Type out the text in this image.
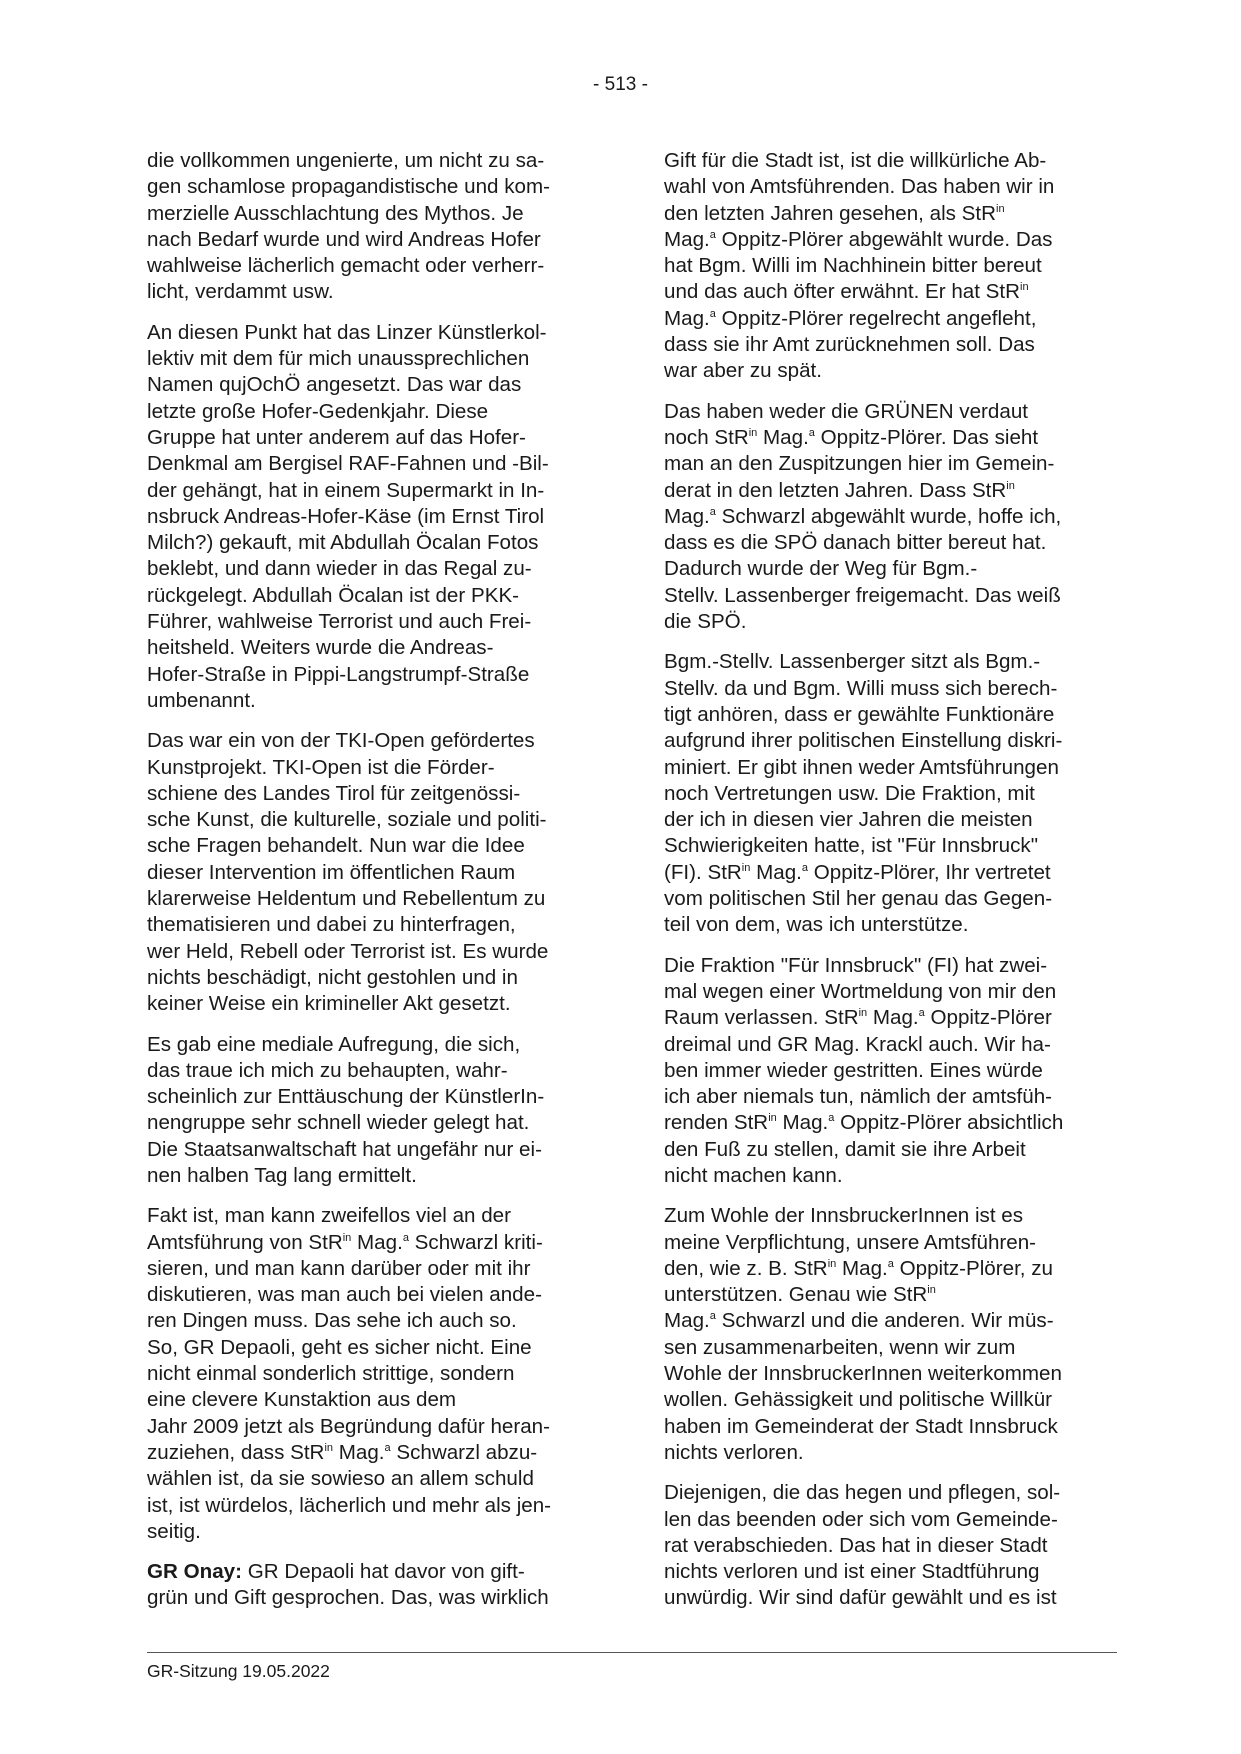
- 513 -

die vollkommen ungenierte, um nicht zu sa-
gen schamlose propagandistische und kom-
merzielle Ausschlachtung des Mythos. Je
nach Bedarf wurde und wird Andreas Hofer
wahlweise lächerlich gemacht oder verherr-
licht, verdammt usw.

An diesen Punkt hat das Linzer Künstlerkol-
lektiv mit dem für mich unaussprechlichen
Namen qujOchÖ angesetzt. Das war das
letzte große Hofer-Gedenkjahr. Diese
Gruppe hat unter anderem auf das Hofer-
Denkmal am Bergisel RAF-Fahnen und -Bil-
der gehängt, hat in einem Supermarkt in In-
nsbruck Andreas-Hofer-Käse (im Ernst Tirol
Milch?) gekauft, mit Abdullah Öcalan Fotos
beklebt, und dann wieder in das Regal zu-
rückgelegt. Abdullah Öcalan ist der PKK-
Führer, wahlweise Terrorist und auch Frei-
heitsheld. Weiters wurde die Andreas-
Hofer-Straße in Pippi-Langstrumpf-Straße
umbenannt.

Das war ein von der TKI-Open gefördertes
Kunstprojekt. TKI-Open ist die Förder-
schiene des Landes Tirol für zeitgenössi-
sche Kunst, die kulturelle, soziale und politi-
sche Fragen behandelt. Nun war die Idee
dieser Intervention im öffentlichen Raum
klarerweise Heldentum und Rebellentum zu
thematisieren und dabei zu hinterfragen,
wer Held, Rebell oder Terrorist ist. Es wurde
nichts beschädigt, nicht gestohlen und in
keiner Weise ein krimineller Akt gesetzt.

Es gab eine mediale Aufregung, die sich,
das traue ich mich zu behaupten, wahr-
scheinlich zur Enttäuschung der KünstlerIn-
nengruppe sehr schnell wieder gelegt hat.
Die Staatsanwaltschaft hat ungefähr nur ei-
nen halben Tag lang ermittelt.

Fakt ist, man kann zweifellos viel an der
Amtsführung von StR$^{in}$ Mag.$^a$ Schwarzl kriti-
sieren, und man kann darüber oder mit ihr
diskutieren, was man auch bei vielen ande-
ren Dingen muss. Das sehe ich auch so.
So, GR Depaoli, geht es sicher nicht. Eine
nicht einmal sonderlich strittige, sondern
eine clevere Kunstaktion aus dem
Jahr 2009 jetzt als Begründung dafür heran-
zuziehen, dass StR$^{in}$ Mag.$^a$ Schwarzl abzu-
wählen ist, da sie sowieso an allem schuld
ist, ist würdelos, lächerlich und mehr als jen-
seitig.

GR Onay: GR Depaoli hat davor von gift-
grün und Gift gesprochen. Das, was wirklich

Gift für die Stadt ist, ist die willkürliche Ab-
wahl von Amtsführenden. Das haben wir in
den letzten Jahren gesehen, als StR$^{in}$
Mag.$^a$ Oppitz-Plörer abgewählt wurde. Das
hat Bgm. Willi im Nachhinein bitter bereut
und das auch öfter erwähnt. Er hat StR$^{in}$
Mag.$^a$ Oppitz-Plörer regelrecht angefleht,
dass sie ihr Amt zurücknehmen soll. Das
war aber zu spät.

Das haben weder die GRÜNEN verdaut
noch StR$^{in}$ Mag.$^a$ Oppitz-Plörer. Das sieht
man an den Zuspitzungen hier im Gemein-
derat in den letzten Jahren. Dass StR$^{in}$
Mag.$^a$ Schwarzl abgewählt wurde, hoffe ich,
dass es die SPÖ danach bitter bereut hat.
Dadurch wurde der Weg für Bgm.-
Stellv. Lassenberger freigemacht. Das weiß
die SPÖ.

Bgm.-Stellv. Lassenberger sitzt als Bgm.-
Stellv. da und Bgm. Willi muss sich berech-
tigt anhören, dass er gewählte Funktionäre
aufgrund ihrer politischen Einstellung diskri-
miniert. Er gibt ihnen weder Amtsführungen
noch Vertretungen usw. Die Fraktion, mit
der ich in diesen vier Jahren die meisten
Schwierigkeiten hatte, ist "Für Innsbruck"
(FI). StR$^{in}$ Mag.$^a$ Oppitz-Plörer, Ihr vertretet
vom politischen Stil her genau das Gegen-
teil von dem, was ich unterstütze.

Die Fraktion "Für Innsbruck" (FI) hat zwei-
mal wegen einer Wortmeldung von mir den
Raum verlassen. StR$^{in}$ Mag.$^a$ Oppitz-Plörer
dreimal und GR Mag. Krackl auch. Wir ha-
ben immer wieder gestritten. Eines würde
ich aber niemals tun, nämlich der amtsfüh-
renden StR$^{in}$ Mag.$^a$ Oppitz-Plörer absichtlich
den Fuß zu stellen, damit sie ihre Arbeit
nicht machen kann.

Zum Wohle der InnsbruckerInnen ist es
meine Verpflichtung, unsere Amtsführen-
den, wie z. B. StR$^{in}$ Mag.$^a$ Oppitz-Plörer, zu
unterstützen. Genau wie StR$^{in}$
Mag.$^a$ Schwarzl und die anderen. Wir müs-
sen zusammenarbeiten, wenn wir zum
Wohle der InnsbruckerInnen weiterkommen
wollen. Gehässigkeit und politische Willkür
haben im Gemeinderat der Stadt Innsbruck
nichts verloren.

Diejenigen, die das hegen und pflegen, sol-
len das beenden oder sich vom Gemeinde-
rat verabschieden. Das hat in dieser Stadt
nichts verloren und ist einer Stadtführung
unwürdig. Wir sind dafür gewählt und es ist

GR-Sitzung 19.05.2022
